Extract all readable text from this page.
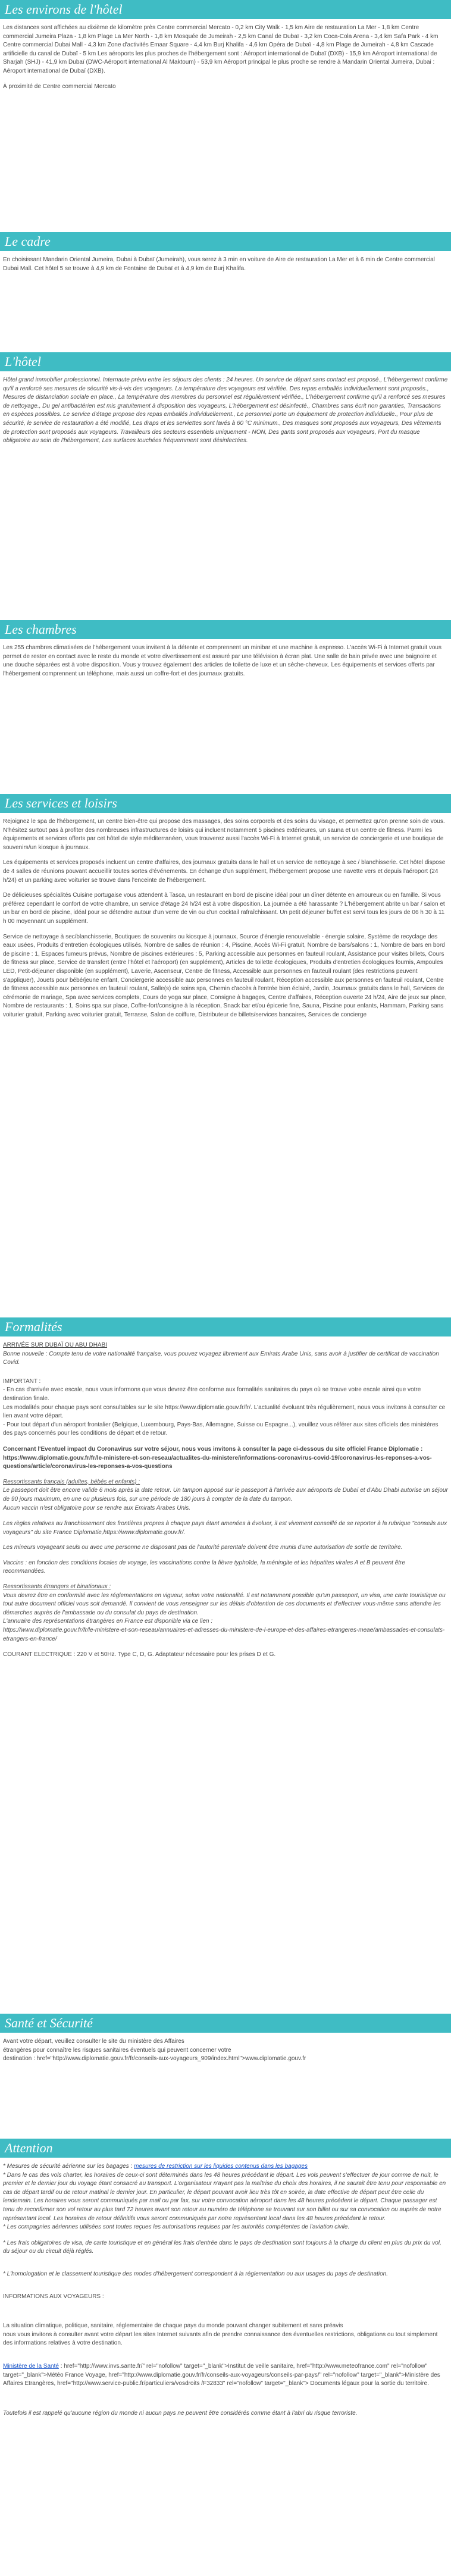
Les environs de l'hôtel

Les distances sont affichées au dixième de kilomètre près Centre commercial Mercato - 0,2 km City Walk - 1,5 km Aire de restauration La Mer - 1,8 km Centre commercial Jumeira Plaza - 1,8 km Plage La Mer North - 1,8 km Mosquée de Jumeirah - 2,5 km Canal de Dubaï - 3,2 km Coca-Cola Arena - 3,4 km Safa Park - 4 km Centre commercial Dubai Mall - 4,3 km Zone d'activités Emaar Square - 4,4 km Burj Khalifa - 4,6 km Opéra de Dubaï - 4,8 km Plage de Jumeirah - 4,8 km Cascade artificielle du canal de Dubaï - 5 km Les aéroports les plus proches de l'hébergement sont : Aéroport international de Dubaï (DXB) - 15,9 km Aéroport international de Sharjah (SHJ) - 41,9 km Dubaï (DWC-Aéroport international Al Maktoum) - 53,9 km Aéroport principal le plus proche se rendre à Mandarin Oriental Jumeira, Dubai : Aéroport international de Dubaï (DXB).

À proximité de Centre commercial Mercato

Le cadre

En choisissant Mandarin Oriental Jumeira, Dubai à Dubaï (Jumeirah), vous serez à 3 min en voiture de Aire de restauration La Mer et à 6 min de Centre commercial Dubai Mall. Cet hôtel 5 se trouve à 4,9 km de Fontaine de Dubaï et à 4,9 km de Burj Khalifa.

L'hôtel

Hôtel grand immobilier professionnel. Internaute prévu entre les séjours des clients : 24 heures. Un service de départ sans contact est proposé., L'hébergement confirme qu'il a renforcé ses mesures de sécurité vis-à-vis des voyageurs. La température des voyageurs est vérifiée. Des repas emballés individuellement sont proposés., Mesures de distanciation sociale en place., La température des membres du personnel est régulièrement vérifiée., L'hébergement confirme qu'il a renforcé ses mesures de nettoyage., Du gel antibactérien est mis gratuitement à disposition des voyageurs, L'hébergement est désinfecté., Chambres sans écrit non garanties, Transactions en espèces possibles. Le service d'étage propose des repas emballés individuellement., Le personnel porte un équipement de protection individuelle., Pour plus de sécurité, le service de restauration a été modifié, Les draps et les serviettes sont lavés à 60 °C minimum., Des masques sont proposés aux voyageurs, Des vêtements de protection sont proposés aux voyageurs. Travailleurs des secteurs essentiels uniquement - NON, Des gants sont proposés aux voyageurs, Port du masque obligatoire au sein de l'hébergement, Les surfaces touchées fréquemment sont désinfectées.

Les chambres

Les 255 chambres climatisées de l'hébergement vous invitent à la détente et comprennent un minibar et une machine à espresso. L'accès Wi-Fi à Internet gratuit vous permet de rester en contact avec le reste du monde et votre divertissement est assuré par une télévision à écran plat. Une salle de bain privée avec une baignoire et une douche séparées est à votre disposition. Vous y trouvez également des articles de toilette de luxe et un sèche-cheveux. Les équipements et services offerts par l'hébergement comprennent un téléphone, mais aussi un coffre-fort et des journaux gratuits.

Les services et loisirs

Rejoignez le spa de l'hébergement, un centre bien-être qui propose des massages, des soins corporels et des soins du visage, et permettez qu'on prenne soin de vous. N'hésitez surtout pas à profiter des nombreuses infrastructures de loisirs qui incluent notamment 5 piscines extérieures, un sauna et un centre de fitness. Parmi les équipements et services offerts par cet hôtel de style méditerranéen, vous trouverez aussi l'accès Wi-Fi à Internet gratuit, un service de conciergerie et une boutique de souvenirs/un kiosque à journaux.

Les équipements et services proposés incluent un centre d'affaires, des journaux gratuits dans le hall et un service de nettoyage à sec / blanchisserie. Cet hôtel dispose de 4 salles de réunions pouvant accueillir toutes sortes d'événements. En échange d'un supplément, l'hébergement propose une navette vers et depuis l'aéroport (24 h/24) et un parking avec voiturier se trouve dans l'enceinte de l'hébergement.

De délicieuses spécialités Cuisine portugaise vous attendent à Tasca, un restaurant en bord de piscine idéal pour un dîner détente en amoureux ou en famille. Si vous préférez cependant le confort de votre chambre, un service d'étage 24 h/24 est à votre disposition. La journée a été harassante ? L'hébergement abrite un bar / salon et un bar en bord de piscine, idéal pour se détendre autour d'un verre de vin ou d'un cocktail rafraîchissant. Un petit déjeuner buffet est servi tous les jours de 06 h 30 à 11 h 00 moyennant un supplément.

Service de nettoyage à sec/blanchisserie, Boutiques de souvenirs ou kiosque à journaux, Source d'énergie renouvelable - énergie solaire, Système de recyclage des eaux usées, Produits d'entretien écologiques utilisés, Nombre de salles de réunion : 4, Piscine, Accès Wi-Fi gratuit, Nombre de bars/salons : 1, Nombre de bars en bord de piscine : 1, Espaces fumeurs prévus, Nombre de piscines extérieures : 5, Parking accessible aux personnes en fauteuil roulant, Assistance pour visites billets, Cours de fitness sur place, Service de transfert (entre l'hôtel et l'aéroport) (en supplément), Articles de toilette écologiques, Produits d'entretien écologiques fournis, Ampoules LED, Petit-déjeuner disponible (en supplément), Laverie, Ascenseur, Centre de fitness, Accessible aux personnes en fauteuil roulant (des restrictions peuvent s'appliquer), Jouets pour bébé/jeune enfant, Conciergerie accessible aux personnes en fauteuil roulant, Réception accessible aux personnes en fauteuil roulant, Centre de fitness accessible aux personnes en fauteuil roulant, Salle(s) de soins spa, Chemin d'accès à l'entrée bien éclairé, Jardin, Journaux gratuits dans le hall, Services de cérémonie de mariage, Spa avec services complets, Cours de yoga sur place, Consigne à bagages, Centre d'affaires, Réception ouverte 24 h/24, Aire de jeux sur place, Nombre de restaurants : 1, Soins spa sur place, Coffre-fort/consigne à la réception, Snack bar et/ou épicerie fine, Sauna, Piscine pour enfants, Hammam, Parking sans voiturier gratuit, Parking avec voiturier gratuit, Terrasse, Salon de coiffure, Distributeur de billets/services bancaires, Services de concierge

Formalités
ARRIVÉE SUR DUBAÏ OU ABU DHABI

Bonne nouvelle : Compte tenu de votre nationalité française, vous pouvez voyagez librement aux Emirats Arabe Unis, sans avoir à justifier de certificat de vaccination Covid.

IMPORTANT :

- En cas d'arrivée avec escale, nous vous informons que vous devrez être conforme aux formalités sanitaires du pays où se trouve votre escale ainsi que votre destination finale.
Les modalités pour chaque pays sont consultables sur le site https://www.diplomatie.gouv.fr/fr/. L'actualité évoluant très régulièrement, nous vous invitons à consulter ce lien avant votre départ.
- Pour tout départ d'un aéroport frontalier (Belgique, Luxembourg, Pays-Bas, Allemagne, Suisse ou Espagne...), veuillez vous référer aux sites officiels des ministères des pays concernés pour les conditions de départ et de retour.

Concernant l'Eventuel impact du Coronavirus sur votre séjour, nous vous invitons à consulter la page ci-dessous du site officiel France Diplomatie : https://www.diplomatie.gouv.fr/fr/le-ministere-et-son-reseau/actualites-du-ministere/informations-coronavirus-covid-19/coronavirus-les-reponses-a-vos-questions/article/coronavirus-les-reponses-a-vos-questions

Ressortissants français (adultes, bébés et enfants) :

Le passeport doit être encore valide 6 mois après la date retour. Un tampon apposé sur le passeport à l'arrivée aux aéroports de Dubaï et d'Abu Dhabi autorise un séjour de 90 jours maximum, en une ou plusieurs fois, sur une période de 180 jours à compter de la date du tampon.
Aucun vaccin n'est obligatoire pour se rendre aux Emirats Arabes Unis.

Les règles relatives au franchissement des frontières propres à chaque pays étant amenées à évoluer, il est vivement conseillé de se reporter à la rubrique "conseils aux voyageurs" du site France Diplomatie,https://www.diplomatie.gouv.fr/.

Les mineurs voyageant seuls ou avec une personne ne disposant pas de l'autorité parentale doivent être munis d'une autorisation de sortie de territoire.

Vaccins : en fonction des conditions locales de voyage, les vaccinations contre la fièvre typhoïde, la méningite et les hépatites virales A et B peuvent être recommandées.

Ressortissants étrangers et binationaux :

Vous devrez être en conformité avec les réglementations en vigueur, selon votre nationalité. Il est notamment possible qu'un passeport, un visa, une carte touristique ou tout autre document officiel vous soit demandé. Il convient de vous renseigner sur les délais d'obtention de ces documents et d'effectuer vous-même sans attendre les démarches auprès de l'ambassade ou du consulat du pays de destination.
L'annuaire des représentations étrangères en France est disponible via ce lien :
https://www.diplomatie.gouv.fr/fr/le-ministere-et-son-reseau/annuaires-et-adresses-du-ministere-de-l-europe-et-des-affaires-etrangeres-meae/ambassades-et-consulats-etrangers-en-france/

COURANT ELECTRIQUE : 220 V et 50Hz. Type C, D, G. Adaptateur nécessaire pour les prises D et G.

Santé et Sécurité

Avant votre départ, veuillez consulter le site du ministère des Affaires
étrangères pour connaître les risques sanitaires éventuels qui peuvent concerner votre
destination : href="http://www.diplomatie.gouv.fr/fr/conseils-aux-voyageurs_909/index.html">www.diplomatie.gouv.fr

Attention

* Mesures de sécurité aérienne sur les bagages : mesures de restriction sur les liquides contenus dans les bagages

* Dans le cas des vols charter, les horaires de ceux-ci sont déterminés dans les 48 heures précédant le départ. Les vols peuvent s'effectuer de jour comme de nuit, le premier et le dernier jour du voyage étant consacré au transport. L'organisateur n'ayant pas la maîtrise du choix des horaires, il ne saurait être tenu pour responsable en cas de départ tardif ou de retour matinal le dernier jour. En particulier, le départ pouvant avoir lieu très tôt en soirée, la date effective de départ peut être celle du lendemain. Les horaires vous seront communiqués par mail ou par fax, sur votre convocation aéroport dans les 48 heures précédent le départ. Chaque passager est tenu de reconfirmer son vol retour au plus tard 72 heures avant son retour au numéro de téléphone se trouvant sur son billet ou sur sa convocation ou auprès de notre représentant local. Les horaires de retour définitifs vous seront communiqués par notre représentant local dans les 48 heures précédant le retour.
* Les compagnies aériennes utilisées sont toutes reçues les autorisations requises par les autorités compétentes de l'aviation civile.

* Les frais obligatoires de visa, de carte touristique et en général les frais d'entrée dans le pays de destination sont toujours à la charge du client en plus du prix du vol, du séjour ou du circuit déjà réglés.

* L'homologation et le classement touristique des modes d'hébergement correspondent à la réglementation ou aux usages du pays de destination.

INFORMATIONS AUX VOYAGEURS :

La situation climatique, politique, sanitaire, réglementaire de chaque pays du monde pouvant changer subitement et sans préavis
nous vous invitons à consulter avant votre départ les sites Internet suivants afin de prendre connaissance des éventuelles restrictions, obligations ou tout simplement des informations relatives à votre destination.

Ministère de la Santé : href="http://www.invs.sante.fr/" rel="nofollow" target="_blank">Institut de veille sanitaire, href="http://www.meteofrance.com" rel="nofollow" target="_blank">Météo France Voyage, href="http://www.diplomatie.gouv.fr/fr/conseils-aux-voyageurs/conseils-par-pays/" rel="nofollow" target="_blank">Ministère des Affaires Etrangères, href="http://www.service-public.fr/particuliers/vosdroits /F32833" rel="nofollow" target="_blank"> Documents légaux pour la sortie du territoire.

Toutefois il est rappelé qu'aucune région du monde ni aucun pays ne peuvent être considérés comme étant à l'abri du risque terroriste.
